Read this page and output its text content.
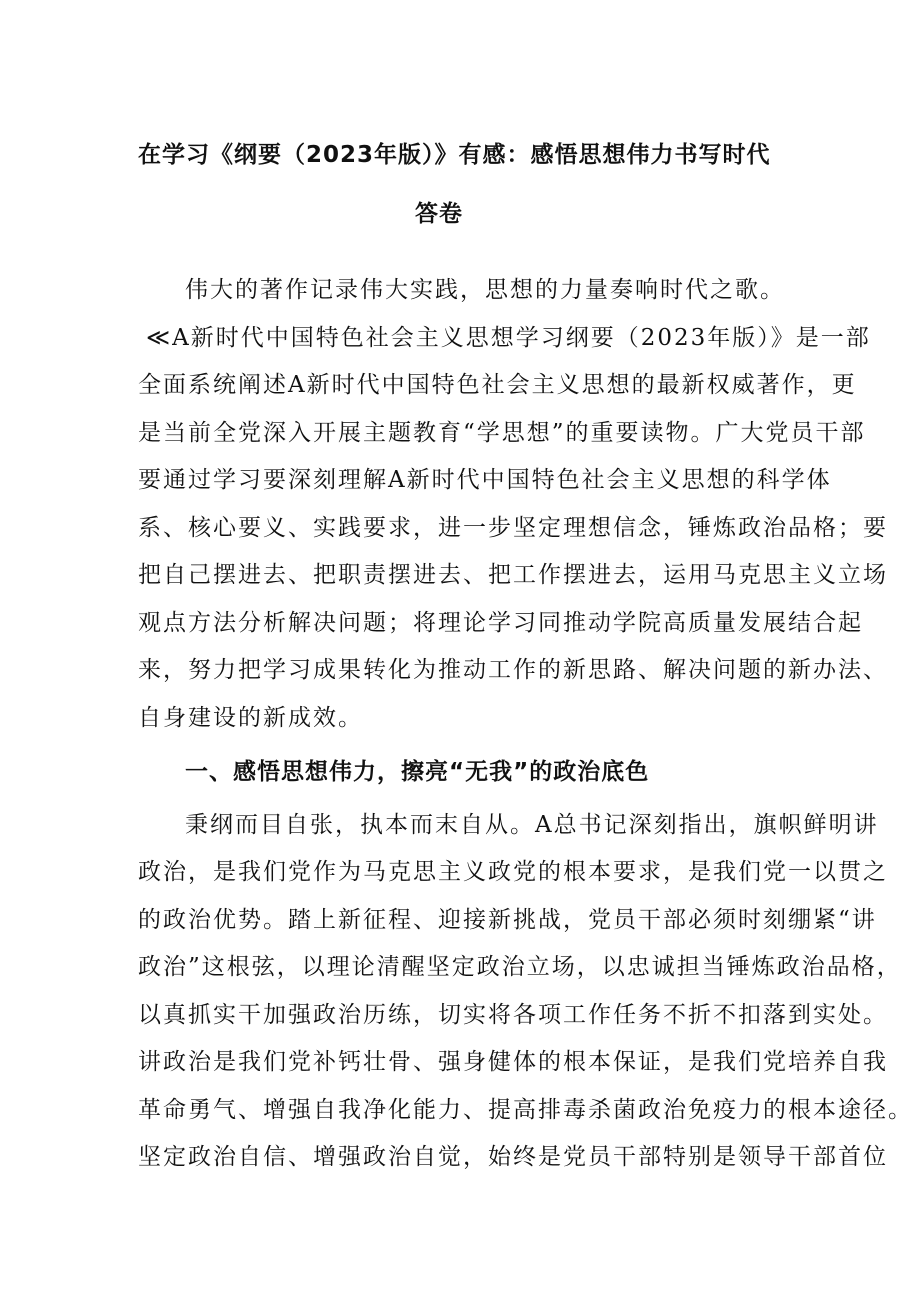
在学习《纲要（2023年版）》有感：感悟思想伟力书写时代
答卷
伟大的著作记录伟大实践，思想的力量奏响时代之歌。
≪A新时代中国特色社会主义思想学习纲要（2023年版）》是一部
全面系统阐述A新时代中国特色社会主义思想的最新权威著作，更
是当前全党深入开展主题教育“学思想”的重要读物。广大党员干部
要通过学习要深刻理解A新时代中国特色社会主义思想的科学体
系、核心要义、实践要求，进一步坚定理想信念，锤炼政治品格；要
把自己摆进去、把职责摆进去、把工作摆进去，运用马克思主义立场
观点方法分析解决问题；将理论学习同推动学院高质量发展结合起
来，努力把学习成果转化为推动工作的新思路、解决问题的新办法、
自身建设的新成效。
一、感悟思想伟力，擦亮“无我”的政治底色
秉纲而目自张，执本而末自从。A总书记深刻指出，旗帜鲜明讲
政治，是我们党作为马克思主义政党的根本要求，是我们党一以贯之
的政治优势。踏上新征程、迎接新挑战，党员干部必须时刻绷紧“讲
政治”这根弦，以理论清醒坚定政治立场，以忠诚担当锤炼政治品格，
以真抓实干加强政治历练，切实将各项工作任务不折不扣落到实处。
讲政治是我们党补钙壮骨、强身健体的根本保证，是我们党培养自我
革命勇气、增强自我净化能力、提高排毒杀菌政治免疫力的根本途径。
坚定政治自信、增强政治自觉，始终是党员干部特别是领导干部首位
